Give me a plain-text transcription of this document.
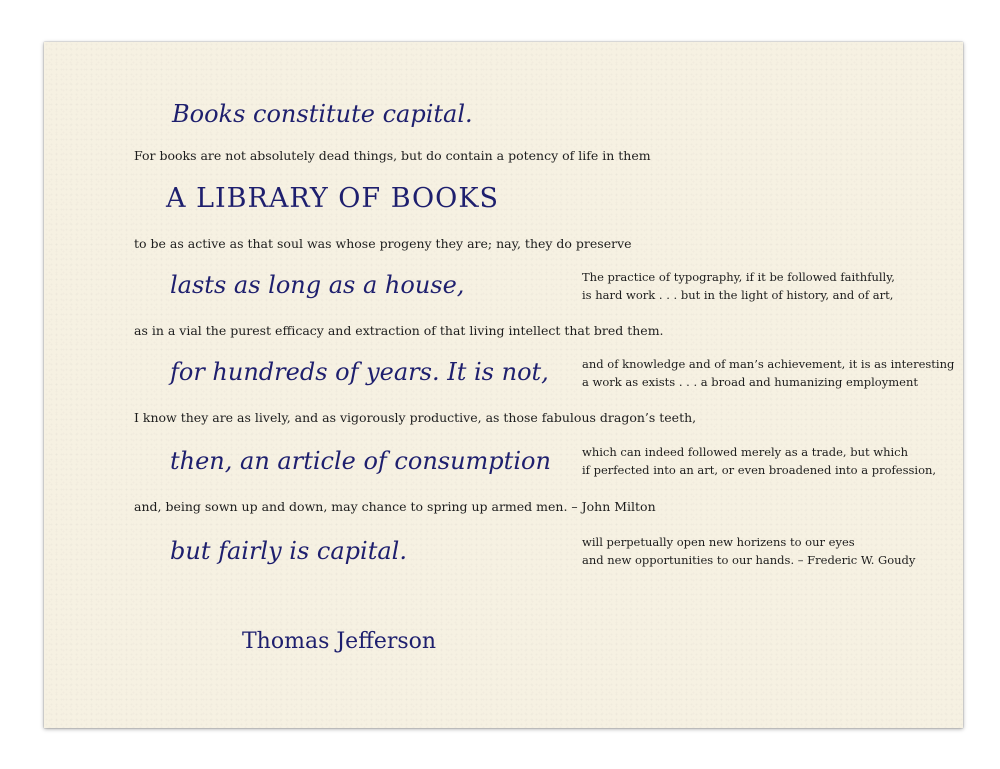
Books constitute capital.
A LIBRARY OF BOOKS
lasts as long as a house,
for hundreds of years. It is not,
then, an article of consumption
but fairly is capital.
Thomas Jefferson
For books are not absolutely dead things, but do contain a potency of life in them
to be as active as that soul was whose progeny they are; nay, they do preserve
as in a vial the purest efficacy and extraction of that living intellect that bred them.
I know they are as lively, and as vigorously productive, as those fabulous dragon’s teeth,
and, being sown up and down, may chance to spring up armed men. – John Milton
The practice of typography, if it be followed faithfully,
is hard work . . . but in the light of history, and of art,
and of knowledge and of man’s achievement, it is as interesting
a work as exists . . . a broad and humanizing employment
which can indeed followed merely as a trade, but which
if perfected into an art, or even broadened into a profession,
will perpetually open new horizens to our eyes
and new opportunities to our hands. – Frederic W. Goudy
